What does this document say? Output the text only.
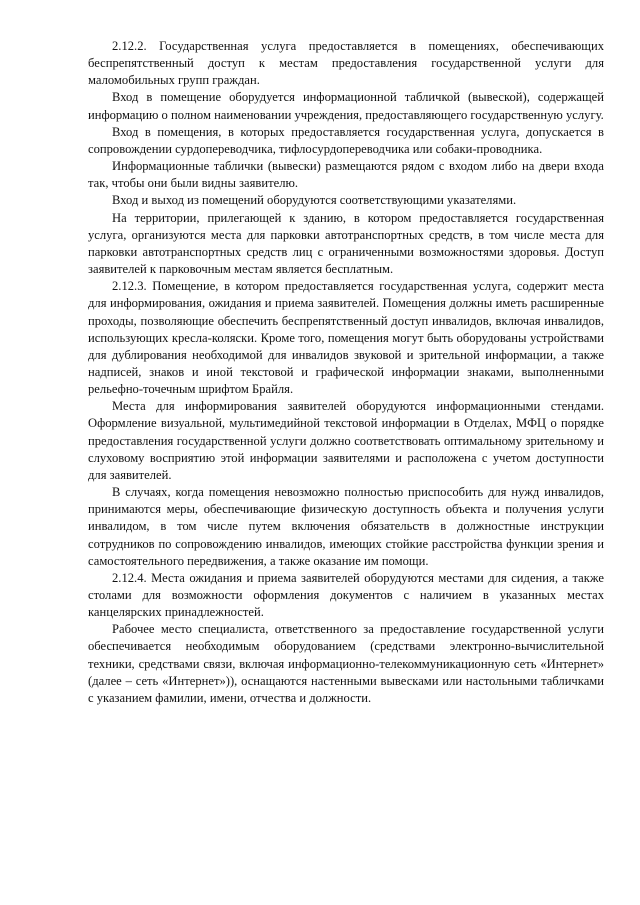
2.12.2. Государственная услуга предоставляется в помещениях, обеспечивающих беспрепятственный доступ к местам предоставления государственной услуги для маломобильных групп граждан.

Вход в помещение оборудуется информационной табличкой (вывеской), содержащей информацию о полном наименовании учреждения, предоставляющего государственную услугу.

Вход в помещения, в которых предоставляется государственная услуга, допускается в сопровождении сурдопереводчика, тифлосурдопереводчика или собаки-проводника.

Информационные таблички (вывески) размещаются рядом с входом либо на двери входа так, чтобы они были видны заявителю.

Вход и выход из помещений оборудуются соответствующими указателями.

На территории, прилегающей к зданию, в котором предоставляется государственная услуга, организуются места для парковки автотранспортных средств, в том числе места для парковки автотранспортных средств лиц с ограниченными возможностями здоровья. Доступ заявителей к парковочным местам является бесплатным.

2.12.3. Помещение, в котором предоставляется государственная услуга, содержит места для информирования, ожидания и приема заявителей. Помещения должны иметь расширенные проходы, позволяющие обеспечить беспрепятственный доступ инвалидов, включая инвалидов, использующих кресла-коляски. Кроме того, помещения могут быть оборудованы устройствами для дублирования необходимой для инвалидов звуковой и зрительной информации, а также надписей, знаков и иной текстовой и графической информации знаками, выполненными рельефно-точечным шрифтом Брайля.

Места для информирования заявителей оборудуются информационными стендами. Оформление визуальной, мультимедийной текстовой информации в Отделах, МФЦ о порядке предоставления государственной услуги должно соответствовать оптимальному зрительному и слуховому восприятию этой информации заявителями и расположена с учетом доступности для заявителей.

В случаях, когда помещения невозможно полностью приспособить для нужд инвалидов, принимаются меры, обеспечивающие физическую доступность объекта и получения услуги инвалидом, в том числе путем включения обязательств в должностные инструкции сотрудников по сопровождению инвалидов, имеющих стойкие расстройства функции зрения и самостоятельного передвижения, а также оказание им помощи.

2.12.4. Места ожидания и приема заявителей оборудуются местами для сидения, а также столами для возможности оформления документов с наличием в указанных местах канцелярских принадлежностей.

Рабочее место специалиста, ответственного за предоставление государственной услуги обеспечивается необходимым оборудованием (средствами электронно-вычислительной техники, средствами связи, включая информационно-телекоммуникационную сеть «Интернет» (далее – сеть «Интернет»)), оснащаются настенными вывесками или настольными табличками с указанием фамилии, имени, отчества и должности.
